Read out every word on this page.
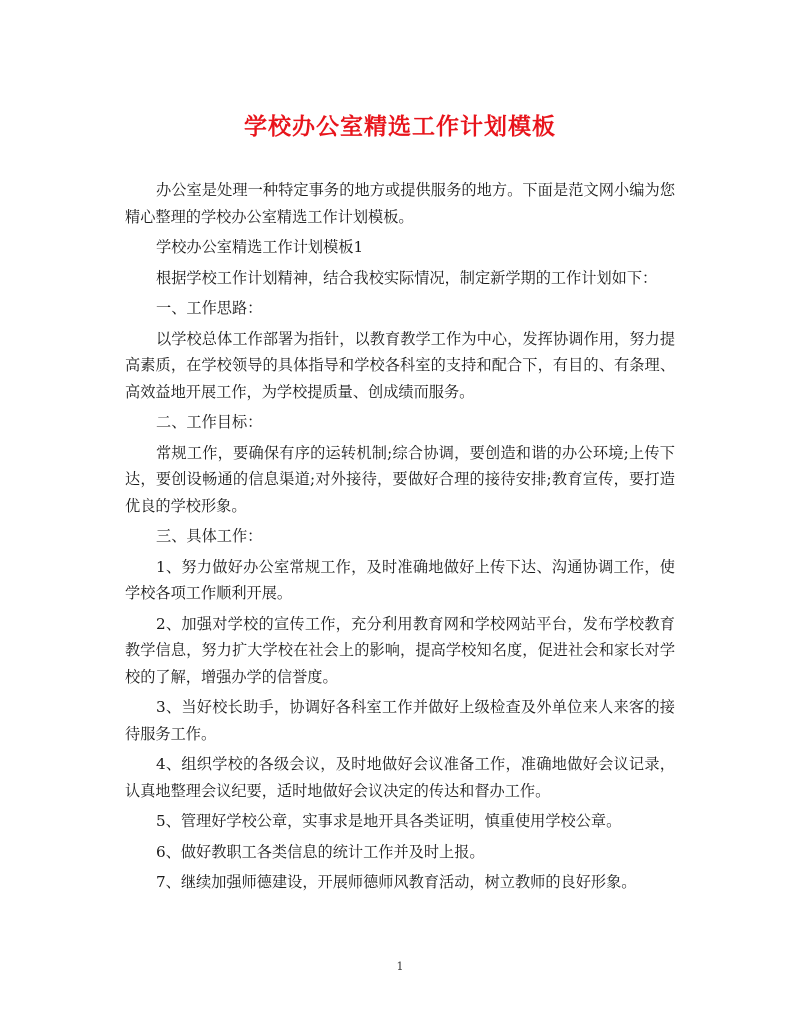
学校办公室精选工作计划模板

办公室是处理一种特定事务的地方或提供服务的地方。下面是范文网小编为您精心整理的学校办公室精选工作计划模板。

学校办公室精选工作计划模板1

根据学校工作计划精神，结合我校实际情况，制定新学期的工作计划如下：

一、工作思路：

以学校总体工作部署为指针，以教育教学工作为中心，发挥协调作用，努力提高素质，在学校领导的具体指导和学校各科室的支持和配合下，有目的、有条理、高效益地开展工作，为学校提质量、创成绩而服务。

二、工作目标：

常规工作，要确保有序的运转机制;综合协调，要创造和谐的办公环境;上传下达，要创设畅通的信息渠道;对外接待，要做好合理的接待安排;教育宣传，要打造优良的学校形象。

三、具体工作：

1、努力做好办公室常规工作，及时准确地做好上传下达、沟通协调工作，使学校各项工作顺利开展。

2、加强对学校的宣传工作，充分利用教育网和学校网站平台，发布学校教育教学信息，努力扩大学校在社会上的影响，提高学校知名度，促进社会和家长对学校的了解，增强办学的信誉度。

3、当好校长助手，协调好各科室工作并做好上级检查及外单位来人来客的接待服务工作。

4、组织学校的各级会议，及时地做好会议准备工作，准确地做好会议记录，认真地整理会议纪要，适时地做好会议决定的传达和督办工作。

5、管理好学校公章，实事求是地开具各类证明，慎重使用学校公章。

6、做好教职工各类信息的统计工作并及时上报。

7、继续加强师德建设，开展师德师风教育活动，树立教师的良好形象。

1
